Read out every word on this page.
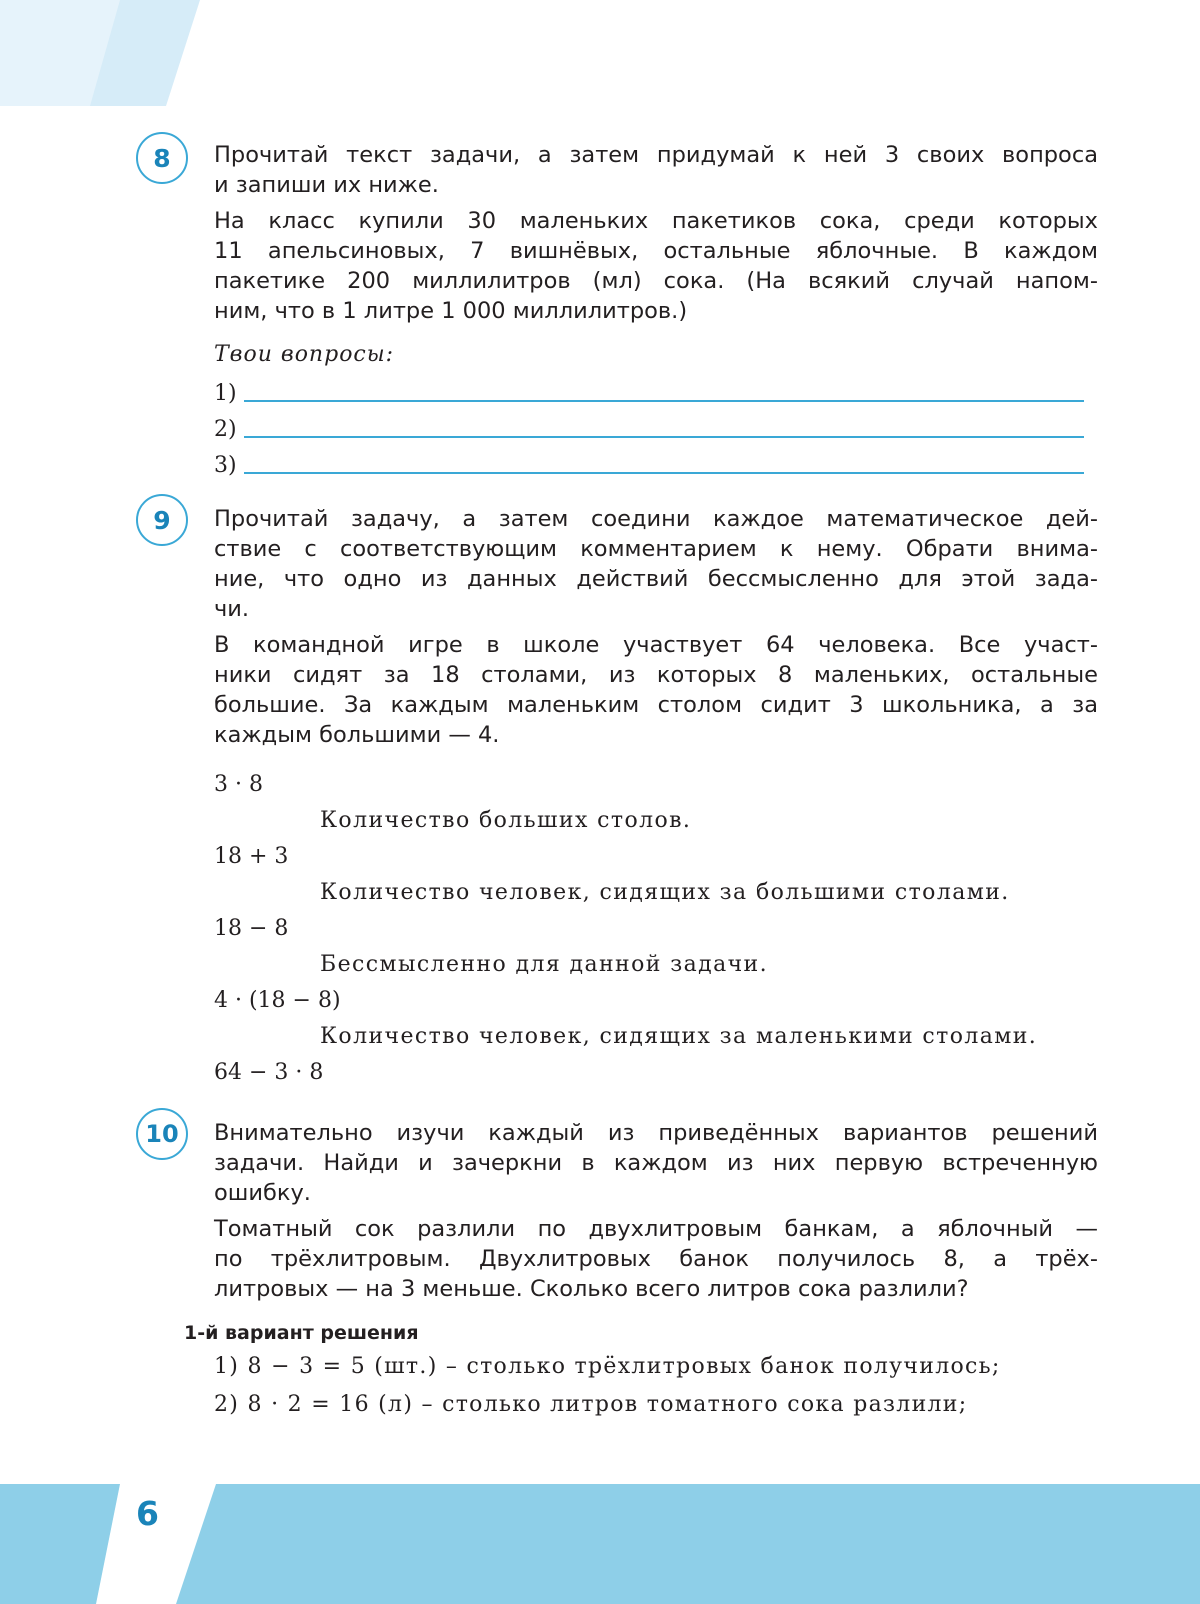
6
8	Прочитай текст задачи, а затем придумай к ней 3 своих вопроса
и запиши их ниже.

На класс купили 30 маленьких пакетиков сока, среди которых
11 апельсиновых, 7 вишнёвых, остальные яблочные. В каждом
пакетике 200 миллилитров (мл) сока. (На всякий случай напом-
ним, что в 1 литре 1 000 миллилитров.)

Твои вопросы:
1)
2)
3)
9	Прочитай задачу, а затем соедини каждое математическое дей-
ствие с соответствующим комментарием к нему. Обрати внима-
ние, что одно из данных действий бессмысленно для этой зада-
чи.

В командной игре в школе участвует 64 человека. Все участ-
ники сидят за 18 столами, из которых 8 маленьких, остальные
большие. За каждым маленьким столом сидит 3 школьника, а за
каждым большими — 4.

3 · 8
Количество больших столов.
18 + 3
Количество человек, сидящих за большими столами.
18 − 8
Бессмысленно для данной задачи.
4 · (18 − 8)
Количество человек, сидящих за маленькими столами.
64 − 3 · 8
10	Внимательно изучи каждый из приведённых вариантов решений
задачи. Найди и зачеркни в каждом из них первую встреченную
ошибку.

Томатный сок разлили по двухлитровым банкам, а яблочный —
по трёхлитровым. Двухлитровых банок получилось 8, а трёх-
литровых — на 3 меньше. Сколько всего литров сока разлили?

1-й вариант решения
1) 8 − 3 = 5 (шт.) – столько трёхлитровых банок получилось;
2) 8 · 2 = 16 (л) – столько литров томатного сока разлили;
